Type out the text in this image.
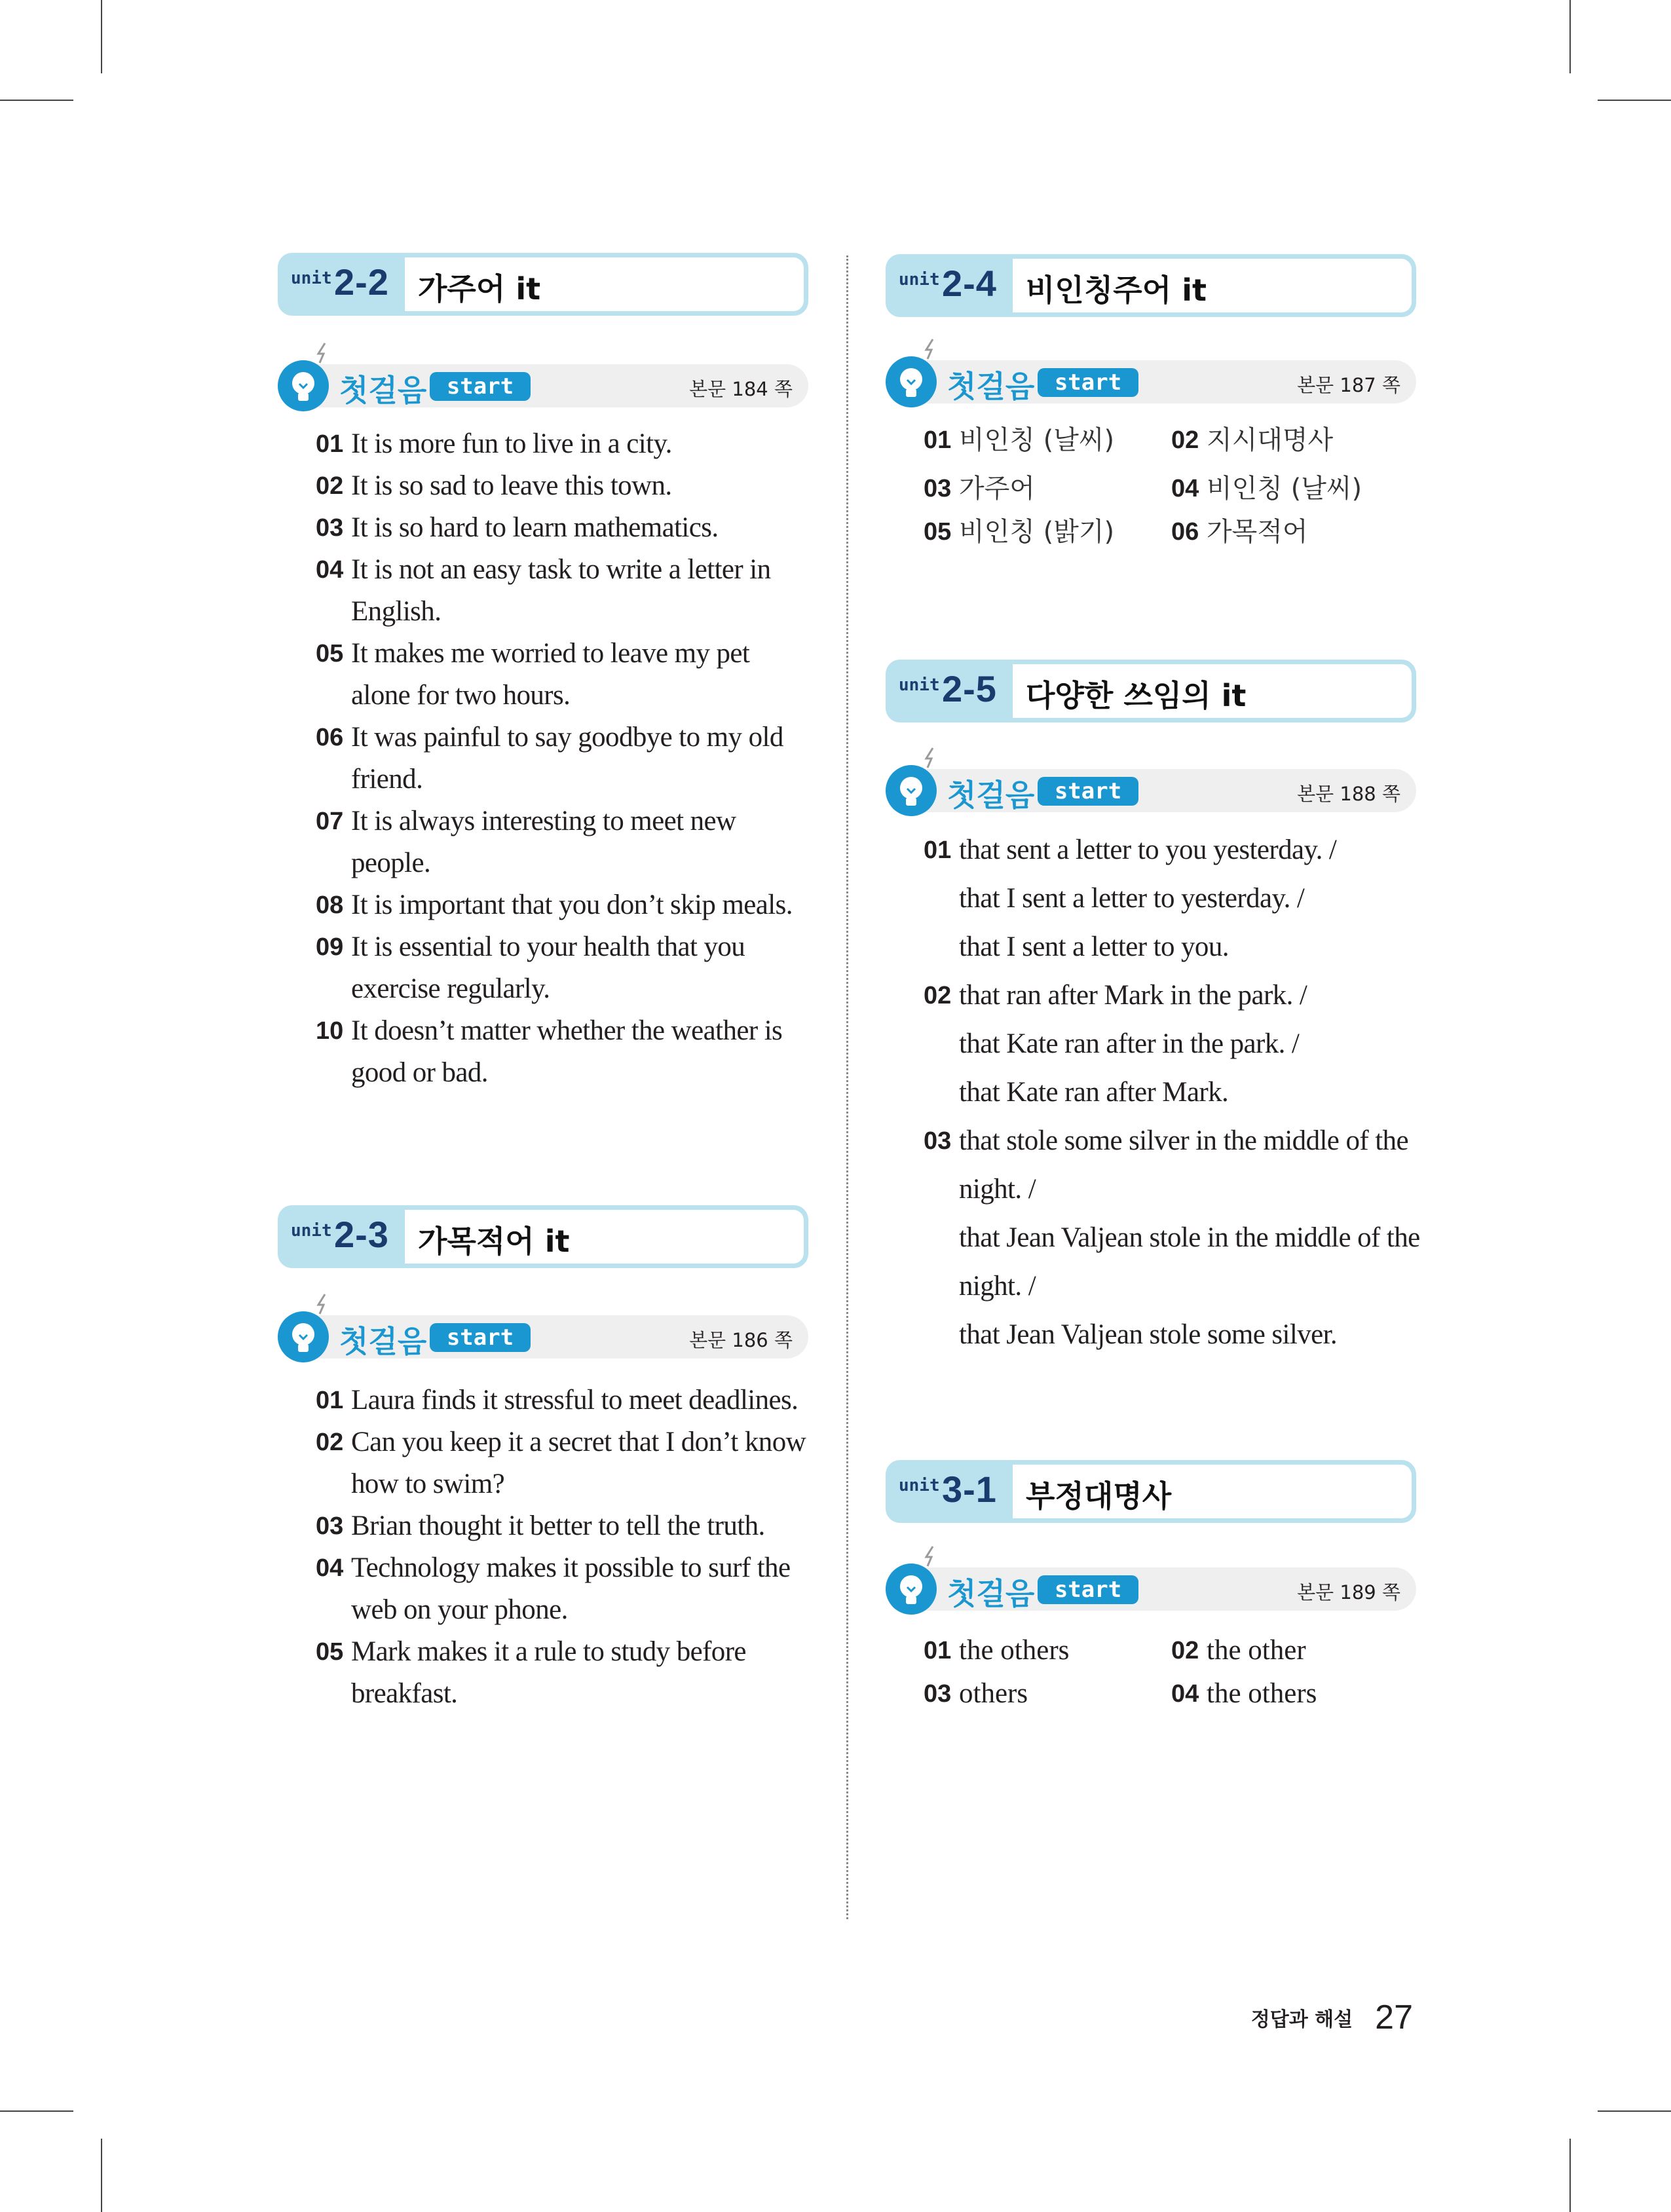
unit 2-2 가주어 it
첫걸음 start	본문 184 쪽
01 It is more fun to live in a city.
02 It is so sad to leave this town.
03 It is so hard to learn mathematics.
04 It is not an easy task to write a letter in English.
05 It makes me worried to leave my pet alone for two hours.
06 It was painful to say goodbye to my old friend.
07 It is always interesting to meet new people.
08 It is important that you don’t skip meals.
09 It is essential to your health that you exercise regularly.
10 It doesn’t matter whether the weather is good or bad.
unit 2-3 가목적어 it
첫걸음 start	본문 186 쪽
01 Laura finds it stressful to meet deadlines.
02 Can you keep it a secret that I don’t know how to swim?
03 Brian thought it better to tell the truth.
04 Technology makes it possible to surf the web on your phone.
05 Mark makes it a rule to study before breakfast.
unit 2-4 비인칭주어 it
첫걸음 start	본문 187 쪽
01 비인칭 (날씨) 02 지시대명사
03 가주어	04 비인칭 (날씨)
05 비인칭 (밝기) 06 가목적어
unit 2-5 다양한 쓰임의 it
첫걸음 start	본문 188 쪽
01 that sent a letter to you yesterday. /
that I sent a letter to yesterday. /
that I sent a letter to you.
02 that ran after Mark in the park. /
that Kate ran after in the park. /
that Kate ran after Mark.
03 that stole some silver in the middle of the night. /
that Jean Valjean stole in the middle of the night. /
that Jean Valjean stole some silver.
unit 3-1 부정대명사
첫걸음 start	본문 189 쪽
01 the others	02 the other
03 others	04 the others
정답과 해설 27
